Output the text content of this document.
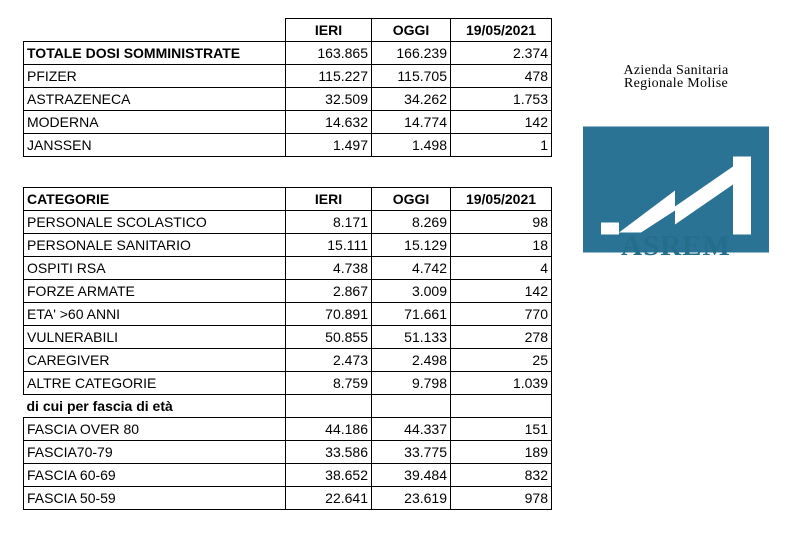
	IERI	OGGI	19/05/2021
TOTALE DOSI SOMMINISTRATE	163.865	166.239	2.374
PFIZER	115.227	115.705	478
ASTRAZENECA	32.509	34.262	1.753
MODERNA	14.632	14.774	142
JANSSEN	1.497	1.498	1
CATEGORIE	IERI	OGGI	19/05/2021
PERSONALE SCOLASTICO	8.171	8.269	98
PERSONALE SANITARIO	15.111	15.129	18
OSPITI RSA	4.738	4.742	4
FORZE ARMATE	2.867	3.009	142
ETA' >60 ANNI	70.891	71.661	770
VULNERABILI	50.855	51.133	278
CAREGIVER	2.473	2.498	25
ALTRE CATEGORIE	8.759	9.798	1.039
di cui per fascia di età			
FASCIA OVER 80	44.186	44.337	151
FASCIA70-79	33.586	33.775	189
FASCIA 60-69	38.652	39.484	832
FASCIA 50-59	22.641	23.619	978
Azienda Sanitaria
Regionale Molise
ASREM
